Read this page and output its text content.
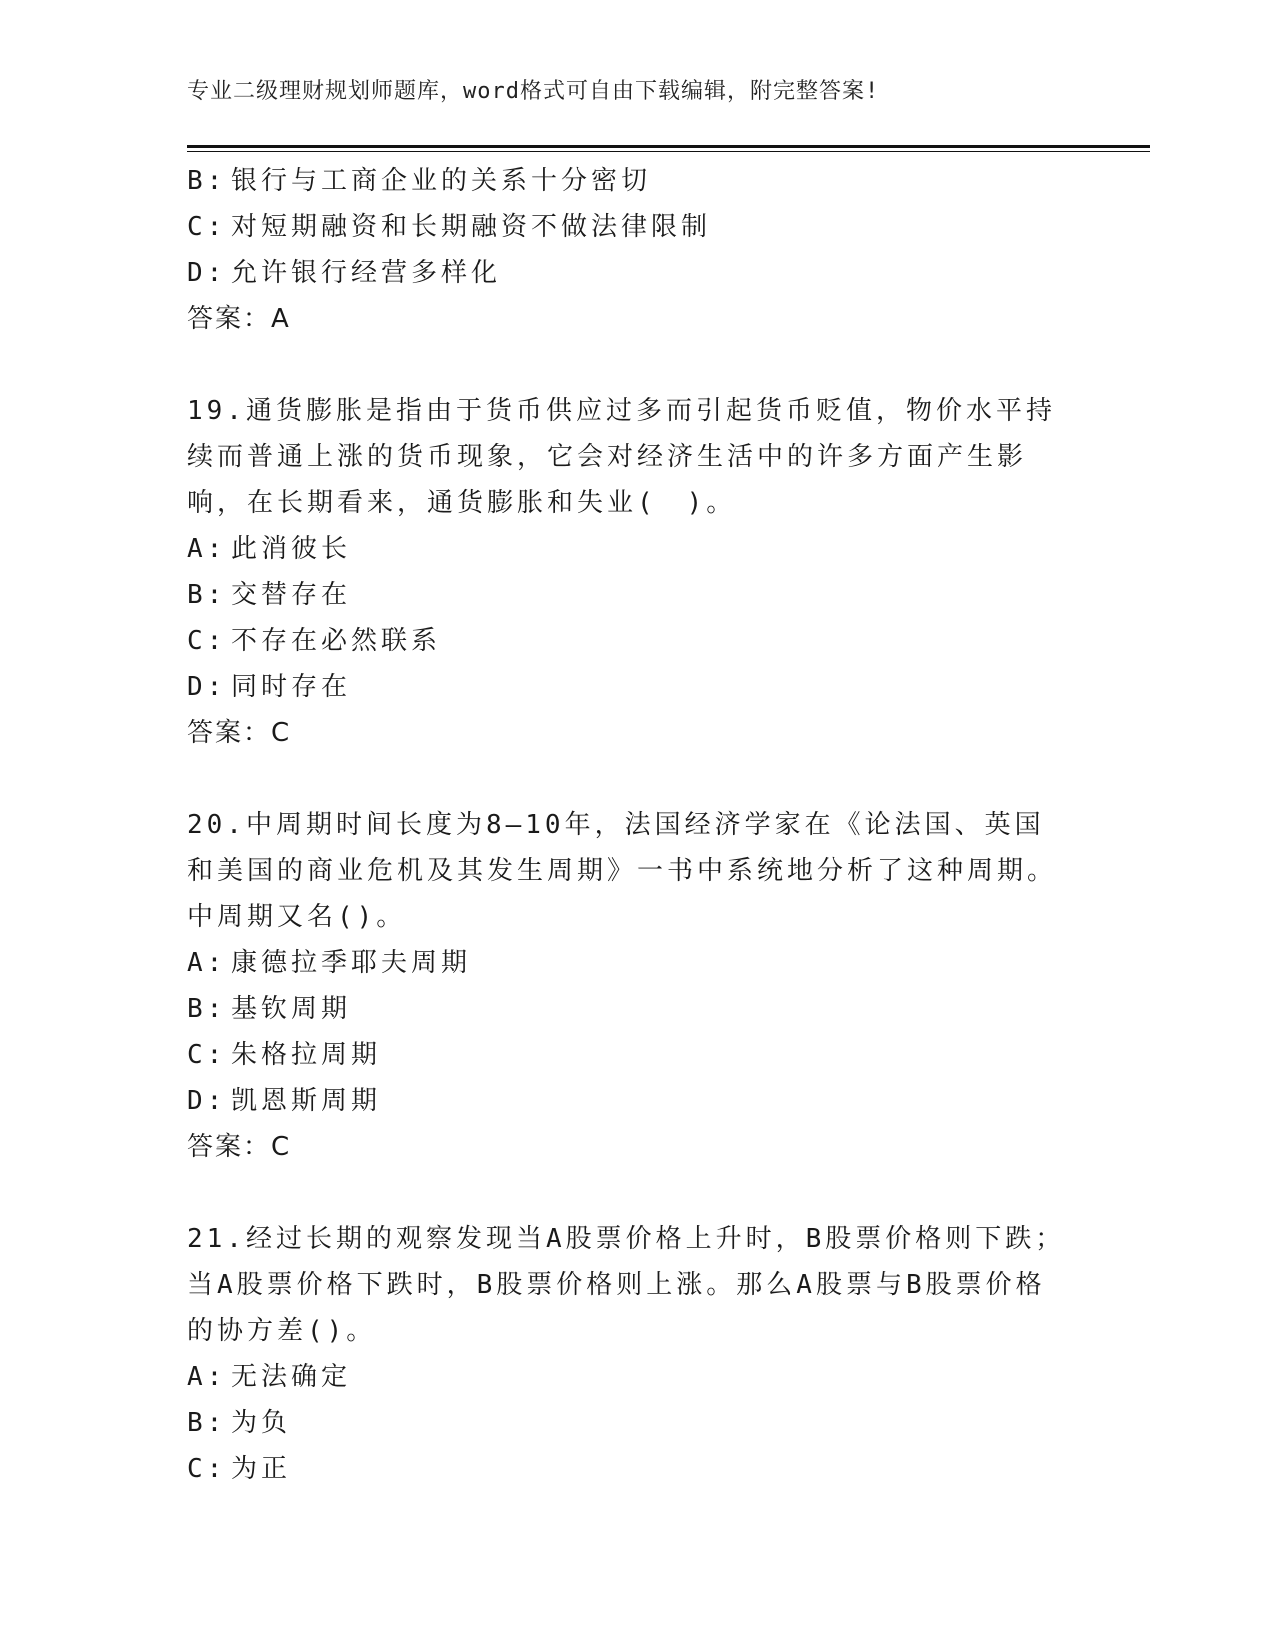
专业二级理财规划师题库，word格式可自由下载编辑，附完整答案!
B: 银行与工商企业的关系十分密切
C: 对短期融资和长期融资不做法律限制
D: 允许银行经营多样化
答案：A
19.通货膨胀是指由于货币供应过多而引起货币贬值，物价水平持续而普通上涨的货币现象，它会对经济生活中的许多方面产生影响，在长期看来，通货膨胀和失业(　)。
A: 此消彼长
B: 交替存在
C: 不存在必然联系
D: 同时存在
答案：C
20.中周期时间长度为8—10年，法国经济学家在《论法国、英国和美国的商业危机及其发生周期》一书中系统地分析了这种周期。中周期又名()。
A: 康德拉季耶夫周期
B: 基钦周期
C: 朱格拉周期
D: 凯恩斯周期
答案：C
21.经过长期的观察发现当A股票价格上升时，B股票价格则下跌；当A股票价格下跌时，B股票价格则上涨。那么A股票与B股票价格的协方差()。
A: 无法确定
B: 为负
C: 为正
